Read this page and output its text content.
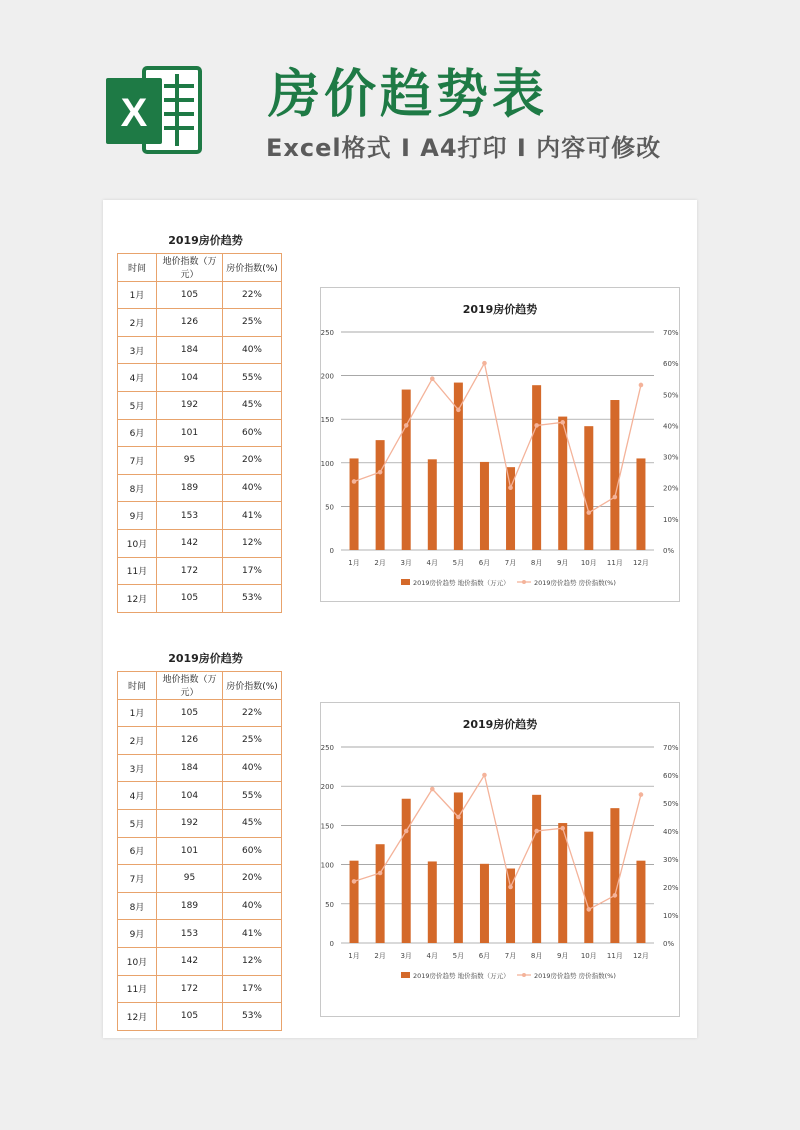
X 房价趋势表
Excel格式 Ι A4打印 Ι 内容可修改
2019房价趋势
时间	地价指数（万元）	房价指数(%)
1月	105	22%
2月	126	25%
3月	184	40%
4月	104	55%
5月	192	45%
6月	101	60%
7月	95	20%
8月	189	40%
9月	153	41%
10月	142	12%
11月	172	17%
12月	105	53%
2019房价趋势
0
50
100
150
200
250
0%
10%
20%
30%
40%
50%
60%
70%
1月 2月 3月 4月 5月 6月 7月 8月 9月 10月 11月 12月
2019房价趋势 地价指数（万元）	2019房价趋势 房价指数(%)
2019房价趋势
时间	地价指数（万元）	房价指数(%)
1月	105	22%
2月	126	25%
3月	184	40%
4月	104	55%
5月	192	45%
6月	101	60%
7月	95	20%
8月	189	40%
9月	153	41%
10月	142	12%
11月	172	17%
12月	105	53%
2019房价趋势
0
50
100
150
200
250
0%
10%
20%
30%
40%
50%
60%
70%
1月 2月 3月 4月 5月 6月 7月 8月 9月 10月 11月 12月
2019房价趋势 地价指数（万元）	2019房价趋势 房价指数(%)
